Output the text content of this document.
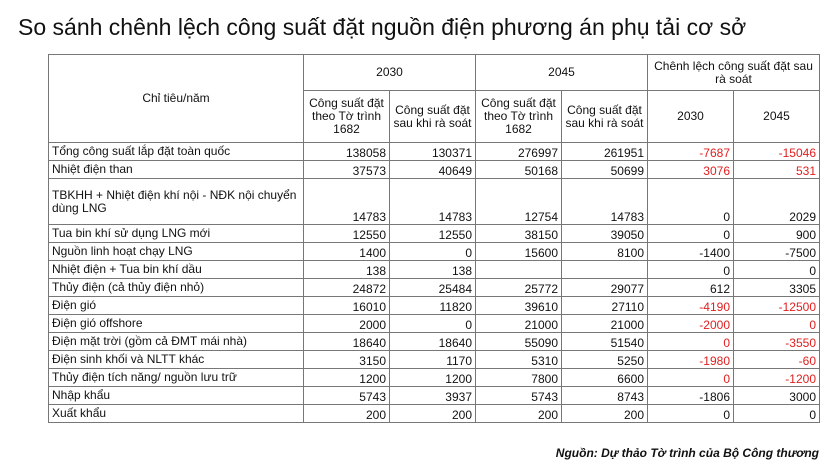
So sánh chênh lệch công suất đặt nguồn điện phương án phụ tải cơ sở
Chỉ tiêu/năm	2030		2045		Chênh lệch công suất đặt sau rà soát	
	Công suất đặt theo Tờ trình 1682	Công suất đặt sau khi rà soát	Công suất đặt theo Tờ trình 1682	Công suất đặt sau khi rà soát	2030	2045
Tổng công suất lắp đặt toàn quốc	138058	130371	276997	261951	-7687	-15046
Nhiệt điện than	37573	40649	50168	50699	3076	531
TBKHH + Nhiệt điện khí nội - NĐK nội chuyển dùng LNG	14783	14783	12754	14783	0	2029
Tua bin khí sử dụng LNG mới	12550	12550	38150	39050	0	900
Nguồn linh hoạt chạy LNG	1400	0	15600	8100	-1400	-7500
Nhiệt điện + Tua bin khí dầu	138	138			0	0
Thủy điện (cả thủy điện nhỏ)	24872	25484	25772	29077	612	3305
Điện gió	16010	11820	39610	27110	-4190	-12500
Điện gió offshore	2000	0	21000	21000	-2000	0
Điện mặt trời (gồm cả ĐMT mái nhà)	18640	18640	55090	51540	0	-3550
Điện sinh khối và NLTT khác	3150	1170	5310	5250	-1980	-60
Thủy điện tích năng/ nguồn lưu trữ	1200	1200	7800	6600	0	-1200
Nhập khẩu	5743	3937	5743	8743	-1806	3000
Xuất khẩu	200	200	200	200	0	0
Nguồn: Dự thảo Tờ trình của Bộ Công thương
